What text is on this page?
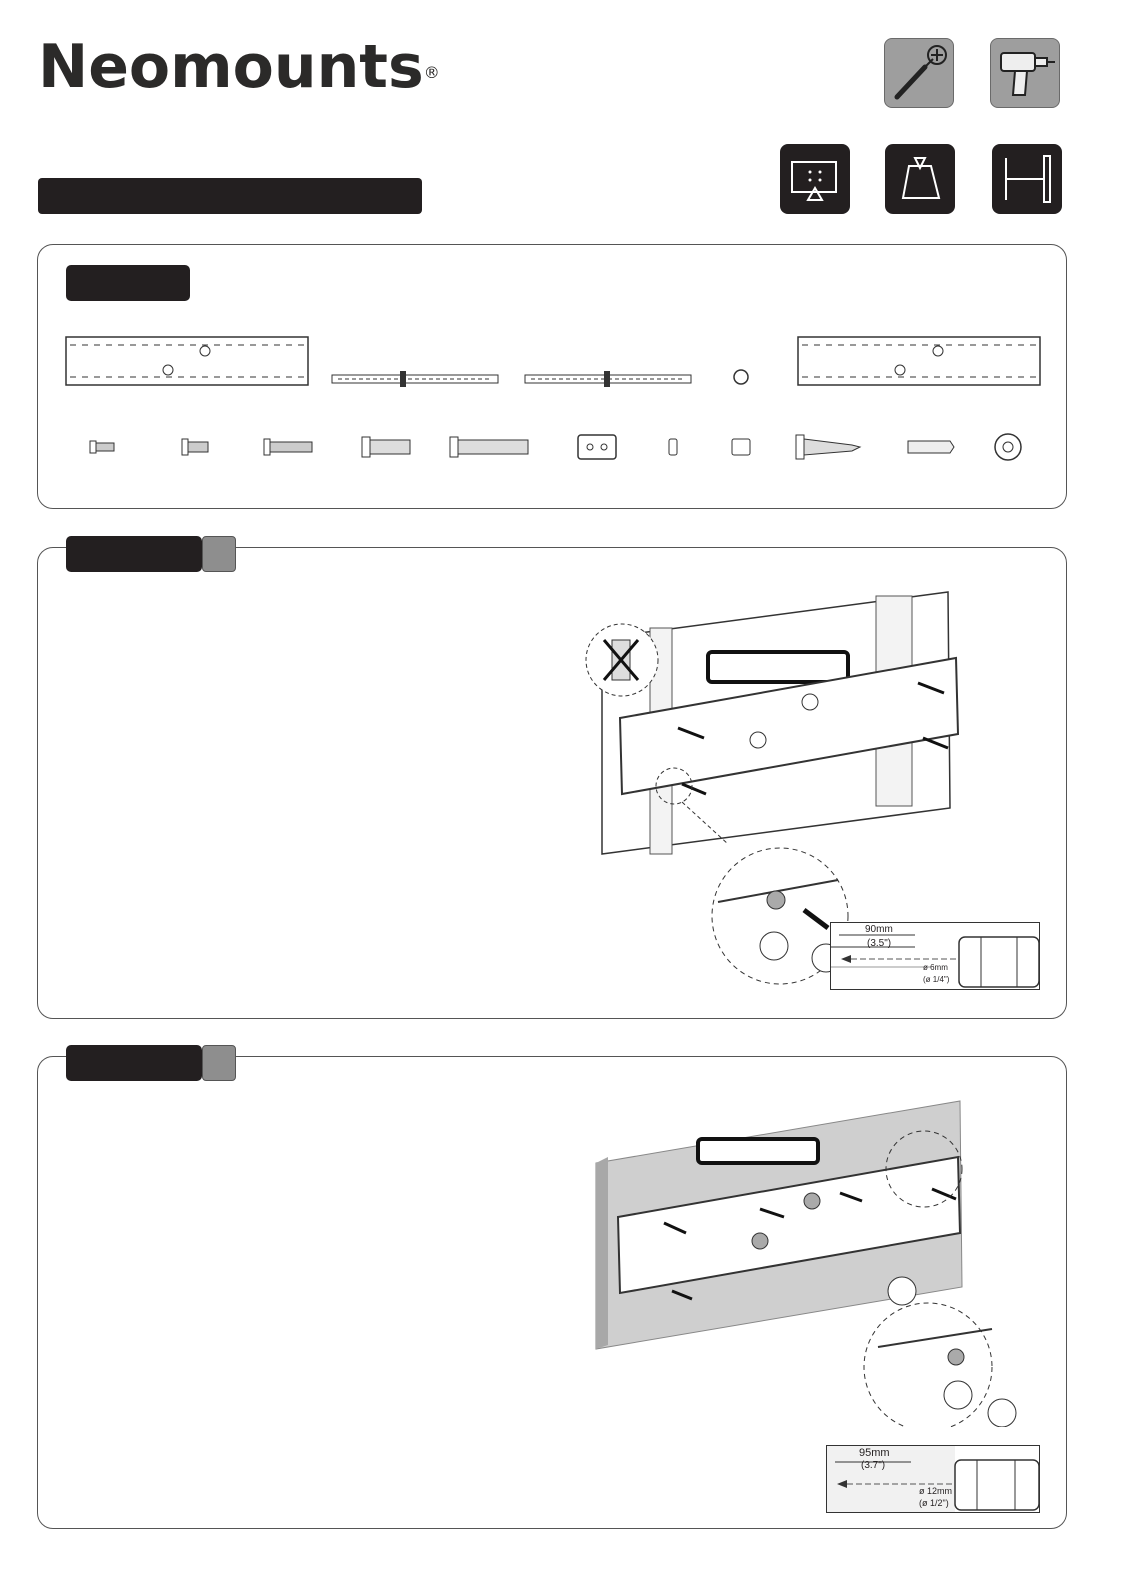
Neomounts ®
90mm
(3.5")
ø 6mm
(ø 1/4")
95mm
(3.7")
ø 12mm
(ø 1/2")
